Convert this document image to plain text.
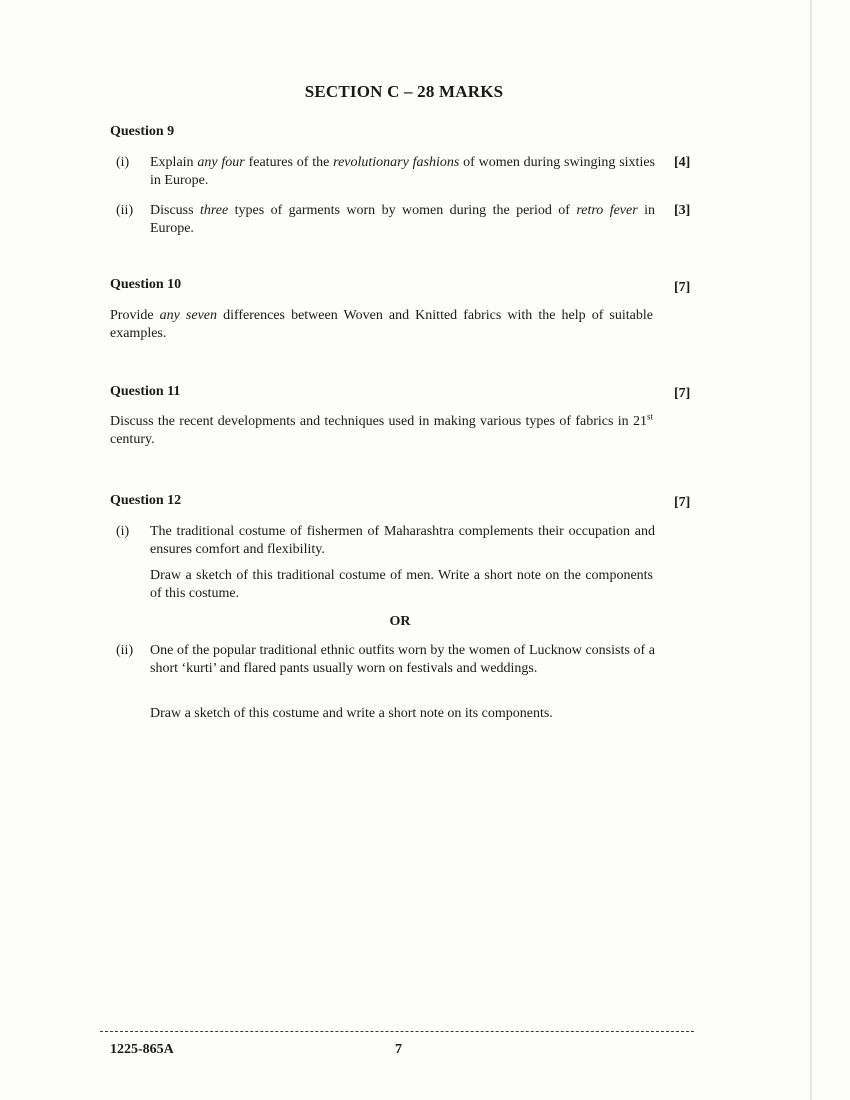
SECTION C – 28 MARKS
Question 9
(i) Explain any four features of the revolutionary fashions of women during swinging sixties in Europe.
[4]
(ii) Discuss three types of garments worn by women during the period of retro fever in Europe.
[3]
Question 10	[7]
Provide any seven differences between Woven and Knitted fabrics with the help of suitable examples.
Question 11	[7]
Discuss the recent developments and techniques used in making various types of fabrics in 21st century.
Question 12	[7]
(i) The traditional costume of fishermen of Maharashtra complements their occupation and ensures comfort and flexibility.
Draw a sketch of this traditional costume of men. Write a short note on the components of this costume.
OR
(ii) One of the popular traditional ethnic outfits worn by the women of Lucknow consists of a short ‘kurti’ and flared pants usually worn on festivals and weddings.
Draw a sketch of this costume and write a short note on its components.
1225-865A	7
